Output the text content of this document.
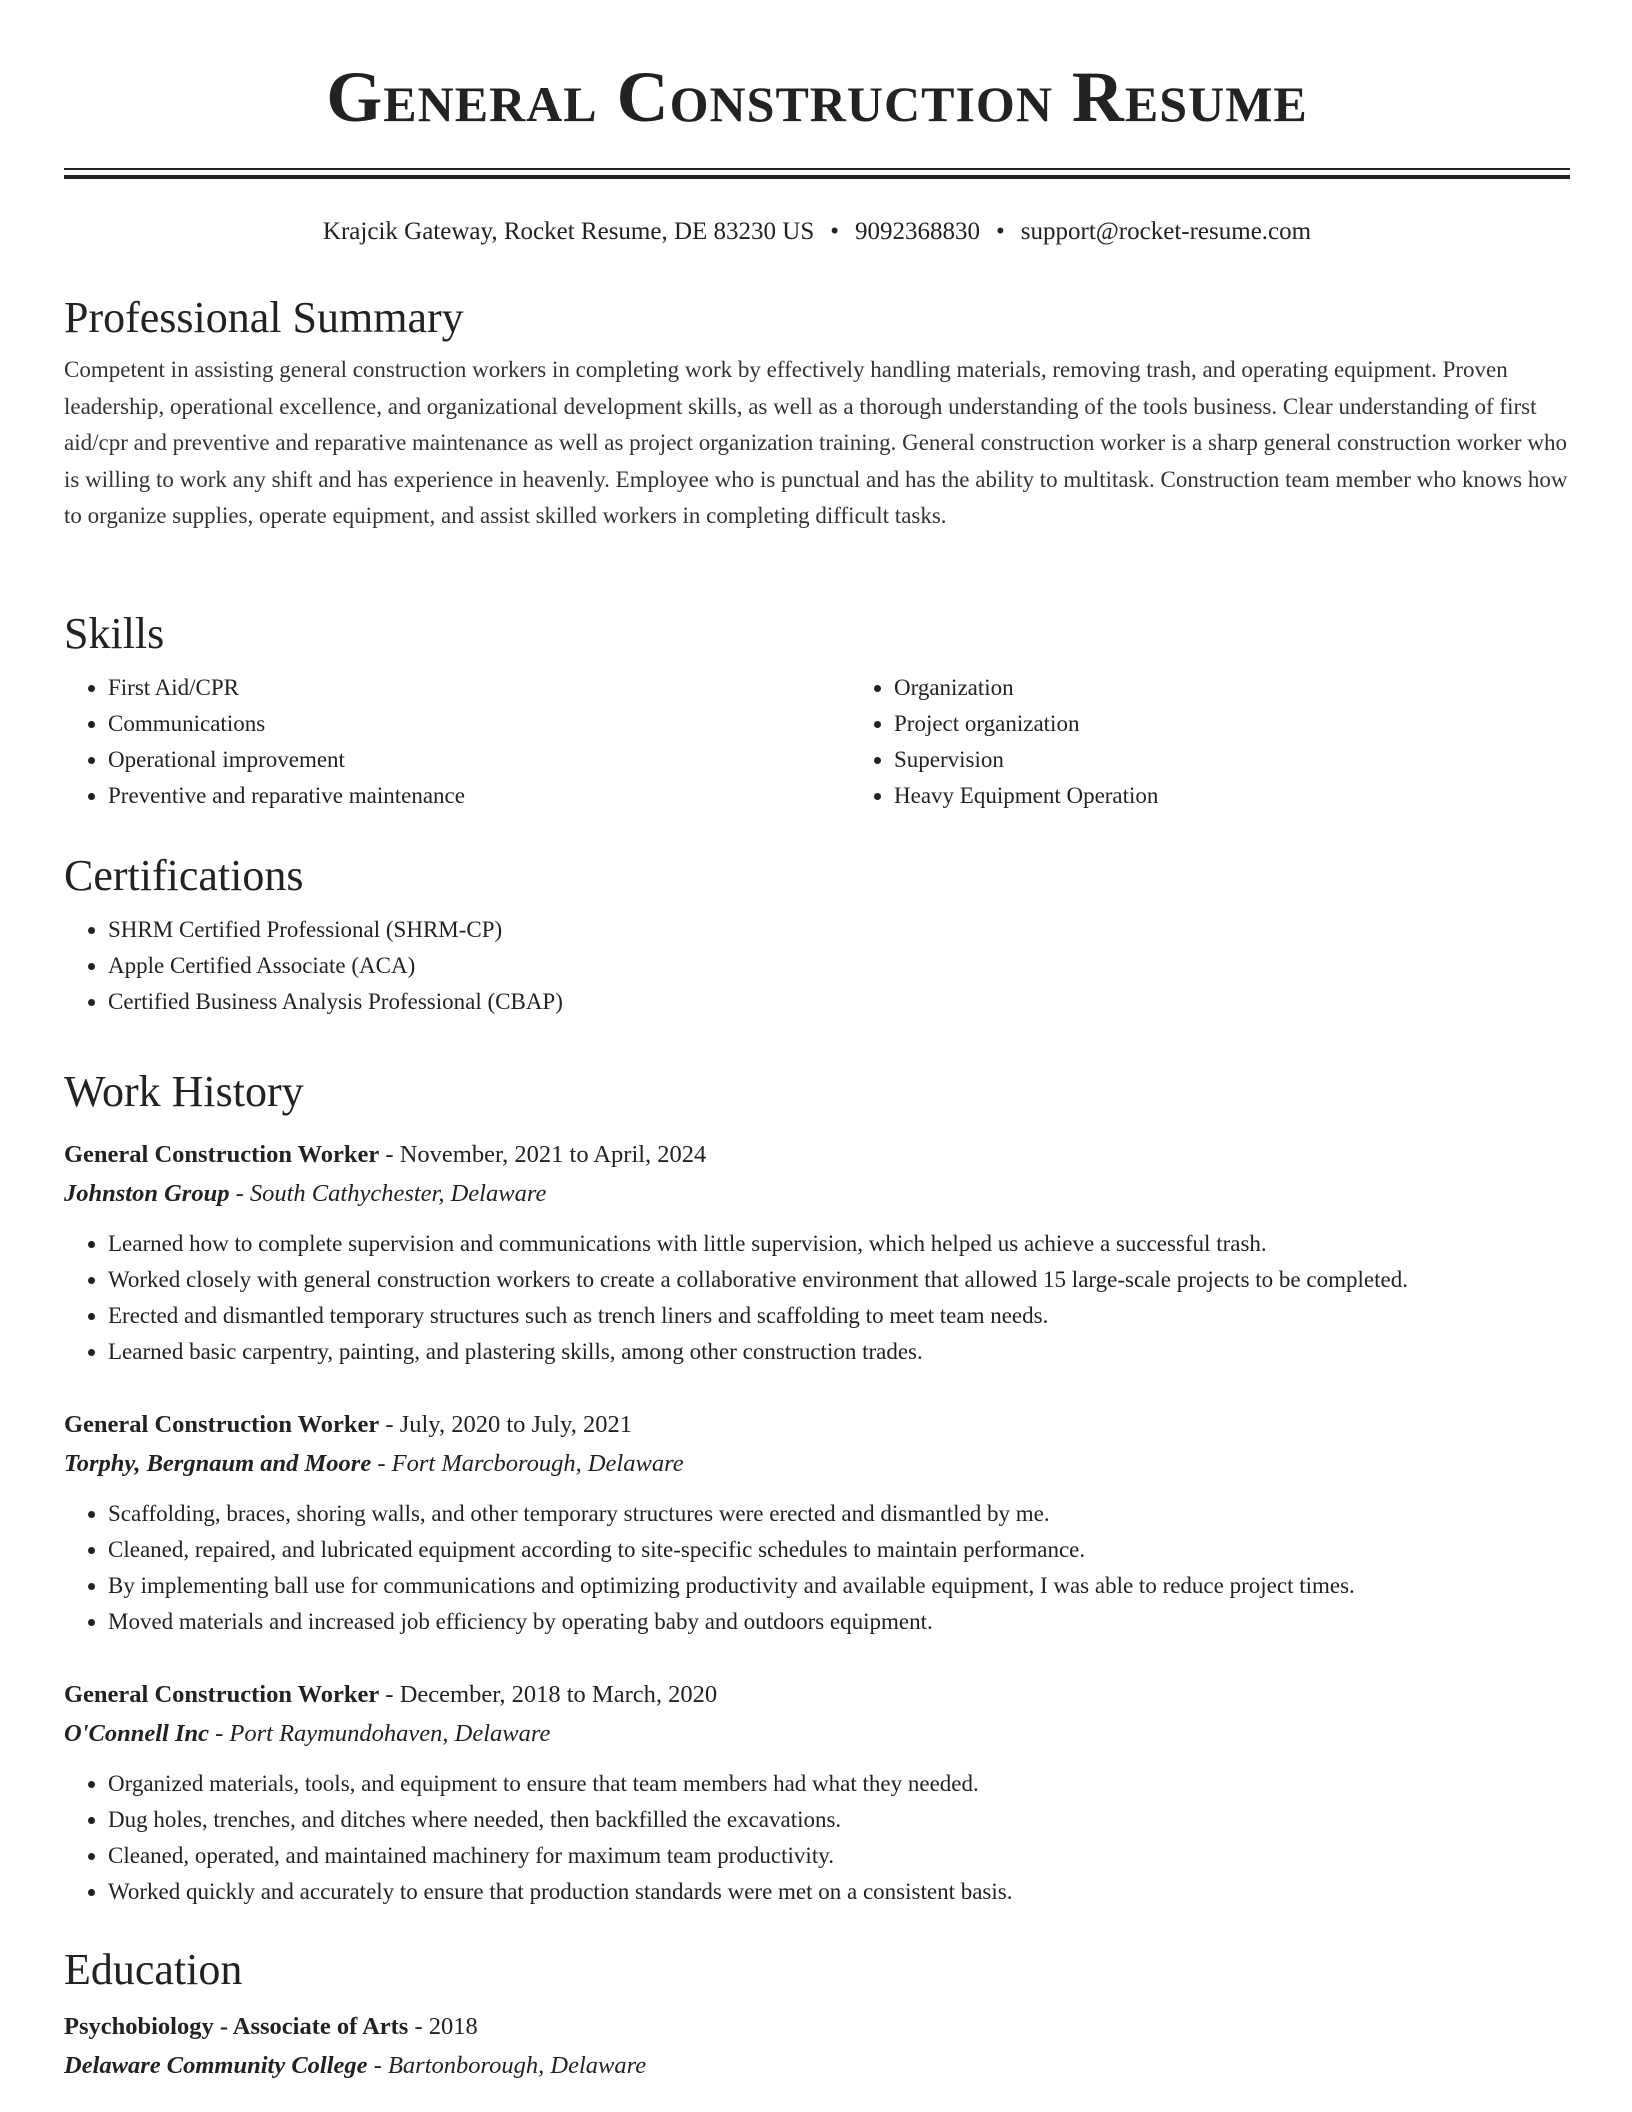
General Construction Resume
Krajcik Gateway, Rocket Resume, DE 83230 US • 9092368830 • support@rocket-resume.com
Professional Summary

Competent in assisting general construction workers in completing work by effectively handling materials, removing trash, and operating equipment. Proven leadership, operational excellence, and organizational development skills, as well as a thorough understanding of the tools business. Clear understanding of first aid/cpr and preventive and reparative maintenance as well as project organization training. General construction worker is a sharp general construction worker who is willing to work any shift and has experience in heavenly. Employee who is punctual and has the ability to multitask. Construction team member who knows how to organize supplies, operate equipment, and assist skilled workers in completing difficult tasks.

Skills
• First Aid/CPR
• Communications
• Operational improvement
• Preventive and reparative maintenance
• Organization
• Project organization
• Supervision
• Heavy Equipment Operation
Certifications
• SHRM Certified Professional (SHRM-CP)
• Apple Certified Associate (ACA)
• Certified Business Analysis Professional (CBAP)
Work History
General Construction Worker - November, 2021 to April, 2024
Johnston Group - South Cathychester, Delaware
• Learned how to complete supervision and communications with little supervision, which helped us achieve a successful trash.
• Worked closely with general construction workers to create a collaborative environment that allowed 15 large-scale projects to be completed.
• Erected and dismantled temporary structures such as trench liners and scaffolding to meet team needs.
• Learned basic carpentry, painting, and plastering skills, among other construction trades.
General Construction Worker - July, 2020 to July, 2021
Torphy, Bergnaum and Moore - Fort Marcborough, Delaware
• Scaffolding, braces, shoring walls, and other temporary structures were erected and dismantled by me.
• Cleaned, repaired, and lubricated equipment according to site-specific schedules to maintain performance.
• By implementing ball use for communications and optimizing productivity and available equipment, I was able to reduce project times.
• Moved materials and increased job efficiency by operating baby and outdoors equipment.
General Construction Worker - December, 2018 to March, 2020
O'Connell Inc - Port Raymundohaven, Delaware
• Organized materials, tools, and equipment to ensure that team members had what they needed.
• Dug holes, trenches, and ditches where needed, then backfilled the excavations.
• Cleaned, operated, and maintained machinery for maximum team productivity.
• Worked quickly and accurately to ensure that production standards were met on a consistent basis.
Education
Psychobiology - Associate of Arts - 2018
Delaware Community College - Bartonborough, Delaware
